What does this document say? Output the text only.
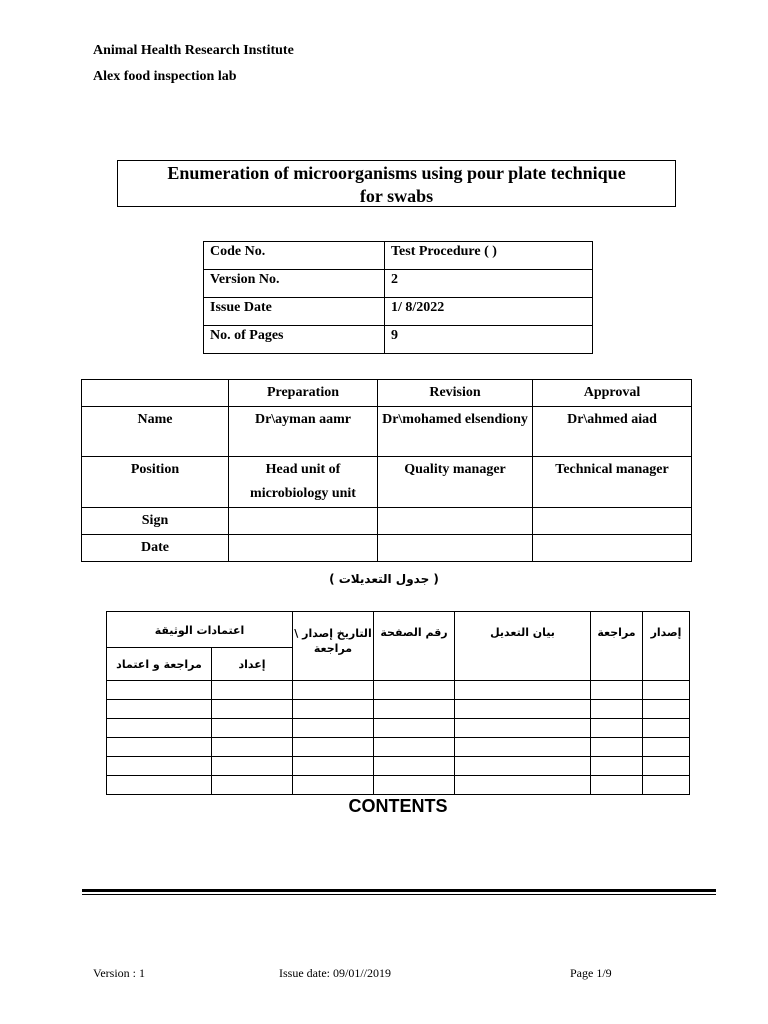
Animal Health Research Institute
Alex food inspection lab
Enumeration of microorganisms using pour plate technique
for swabs
Code No.	Test Procedure ( )
Version No.	2
Issue Date	1/ 8/2022
No. of Pages	9
	Preparation	Revision	Approval
Name	Dr\ayman aamr	Dr\mohamed elsendiony	Dr\ahmed aiad
Position	Head unit of microbiology unit	Quality manager	Technical manager
Sign			
Date			
( جدول التعديلات )
إصدار	مراجعة	بيان التعديل	رقم الصفحة	التاريخ إصدار \ مراجعة	اعتمادات الوثيقة	
					إعداد	مراجعة و اعتماد

CONTENTS
Version : 1	Issue date: 09/01//2019	Page 1/9
